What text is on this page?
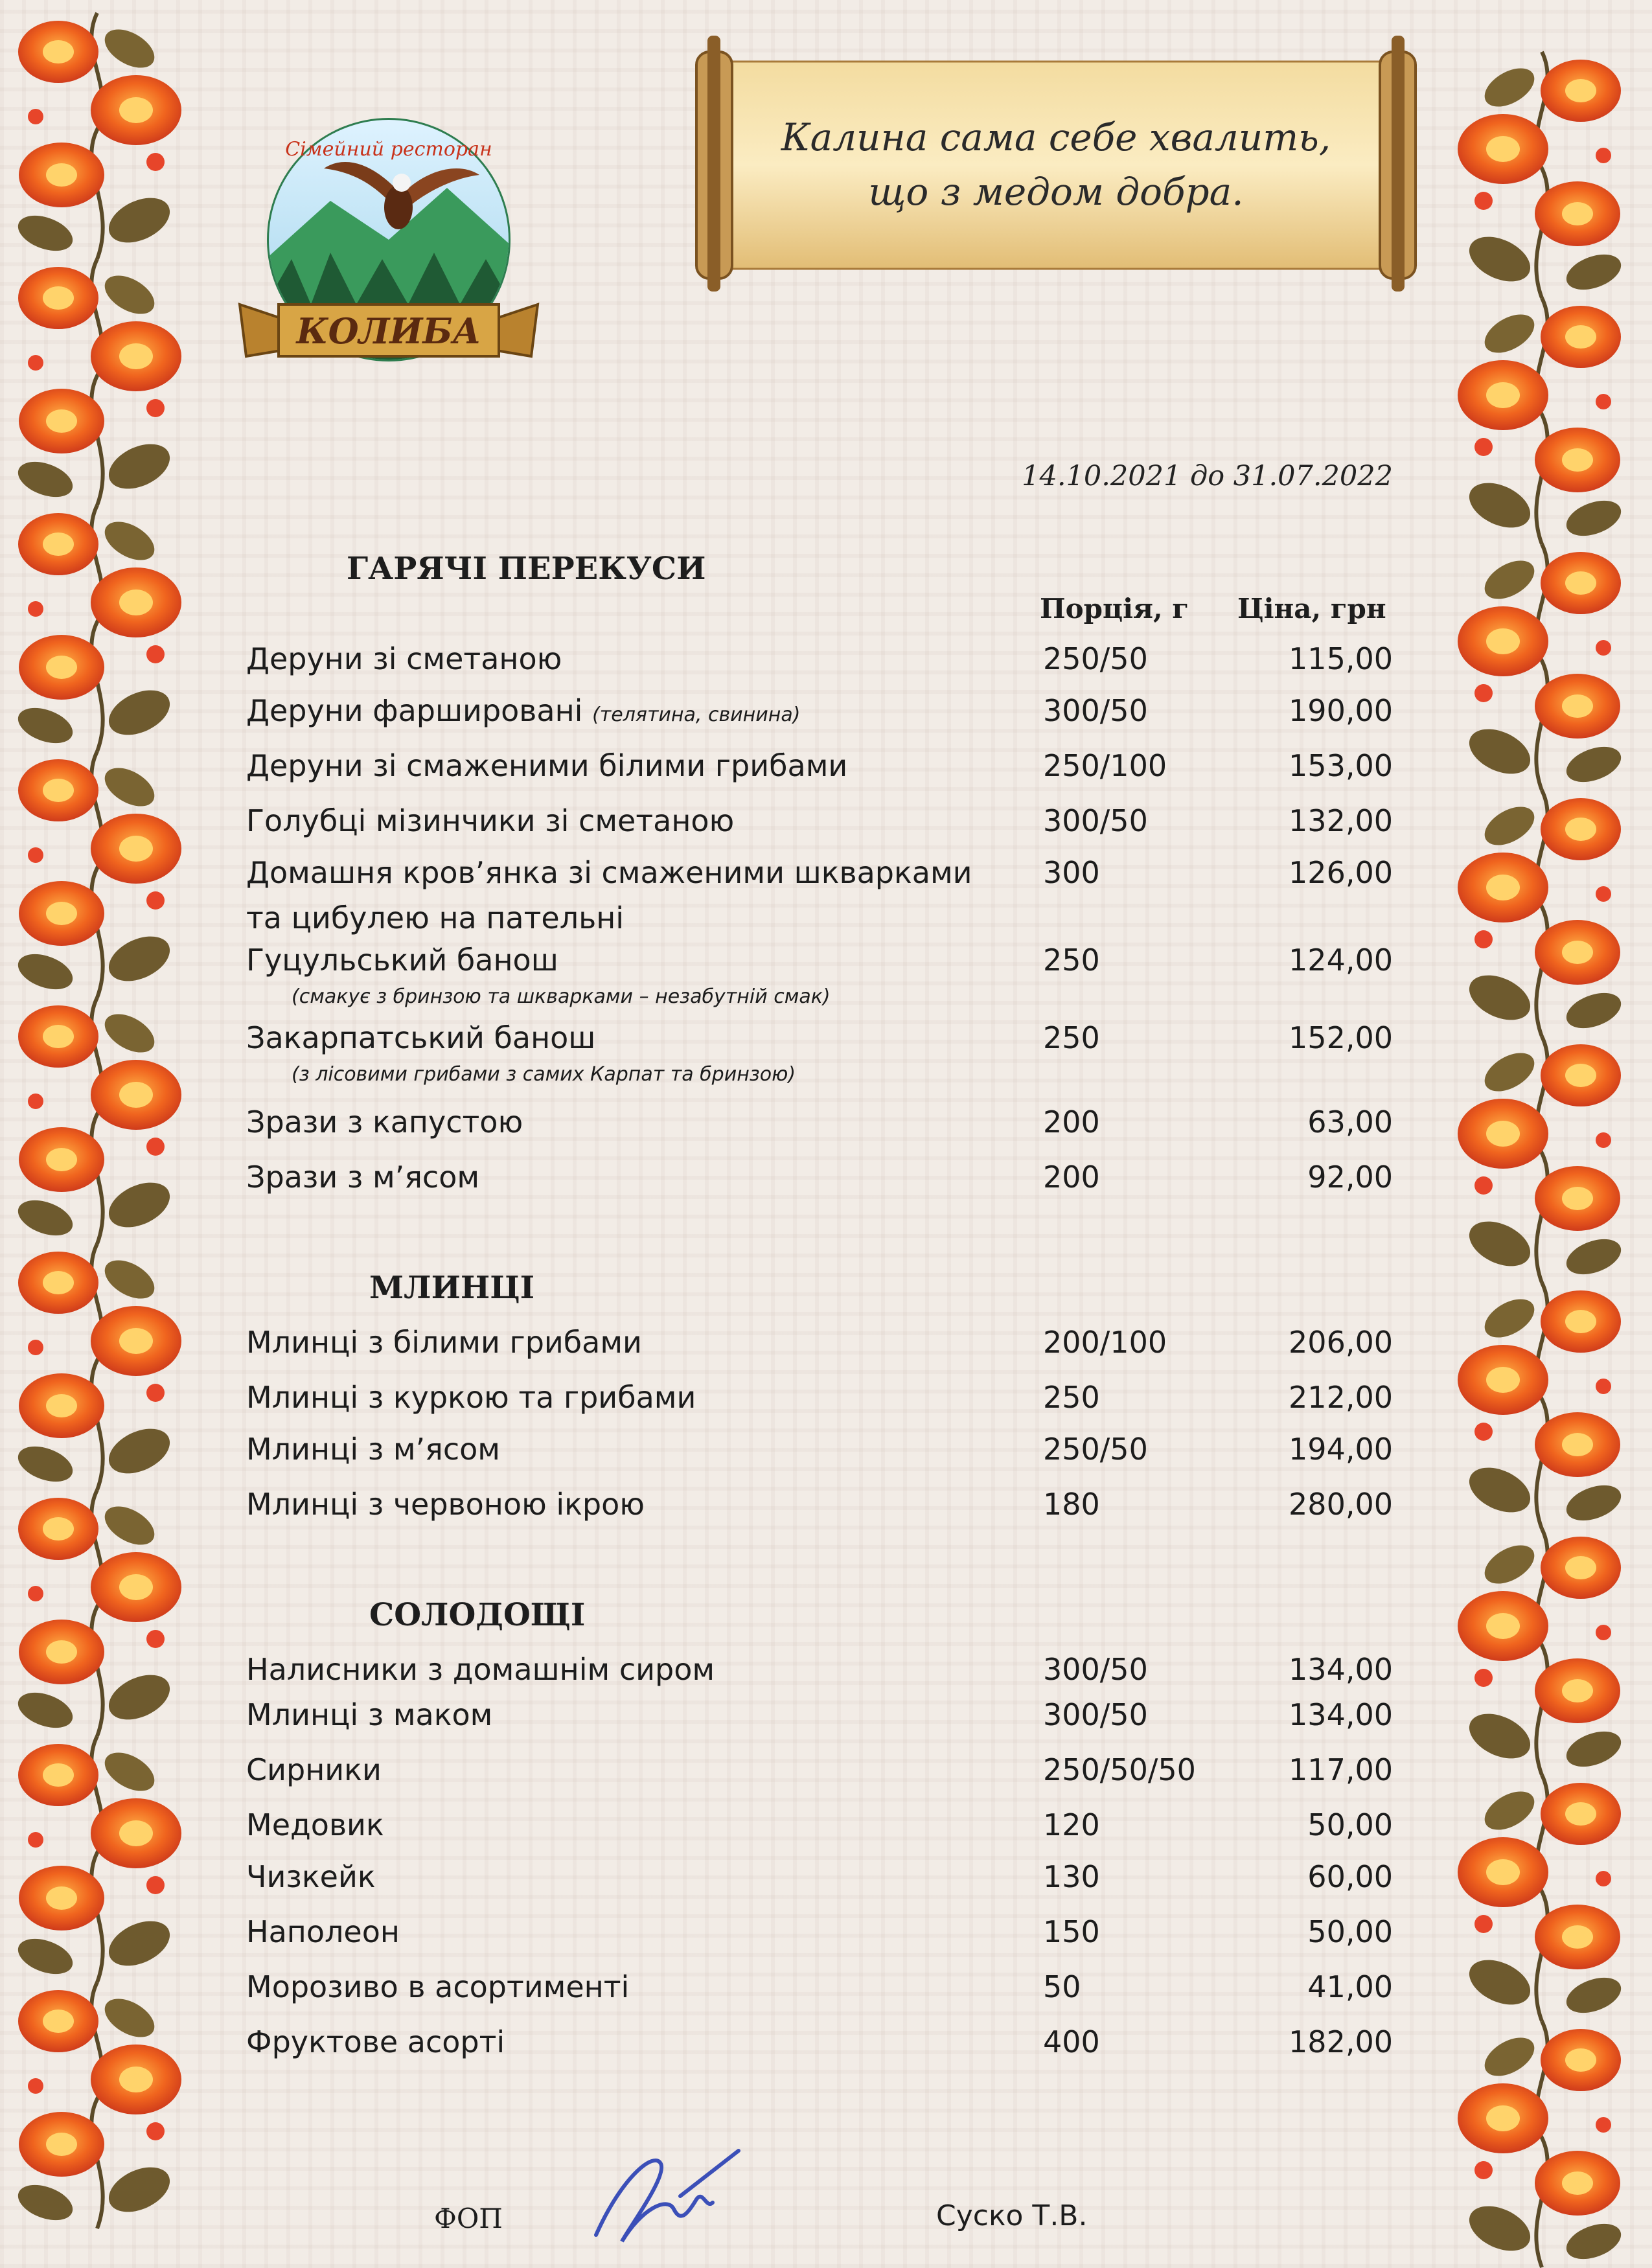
Сімейний ресторан
КОЛИБА
Калина сама себе хвалить,
що з медом добра.
14.10.2021 до 31.07.2022
ГАРЯЧІ ПЕРЕКУСИ
Порція, г Ціна, грн
Деруни зі сметаною	250/50	115,00
Деруни фаршировані (телятина, свинина)	300/50	190,00
Деруни зі смаженими білими грибами	250/100	153,00
Голубці мізинчики зі сметаною	300/50	132,00
Домашня кров’янка зі смаженими шкварками
та цибулею на пательні
300	126,00
Гуцульський банош
(смакує з бринзою та шкварками – незабутній смак)
250	124,00
Закарпатський банош
(з лісовими грибами з самих Карпат та бринзою)
250	152,00
Зрази з капустою	200	63,00
Зрази з м’ясом	200	92,00
МЛИНЦІ
Млинці з білими грибами	200/100	206,00
Млинці з куркою та грибами	250	212,00
Млинці з м’ясом	250/50	194,00
Млинці з червоною ікрою	180	280,00
СОЛОДОЩІ
Налисники з домашнім сиром	300/50	134,00
Млинці з маком	300/50	134,00
Сирники	250/50/50	117,00
Медовик	120	50,00
Чизкейк	130	60,00
Наполеон	150	50,00
Морозиво в асортименті	50	41,00
Фруктове асорті	400	182,00
ФОП	Суско Т.В.
